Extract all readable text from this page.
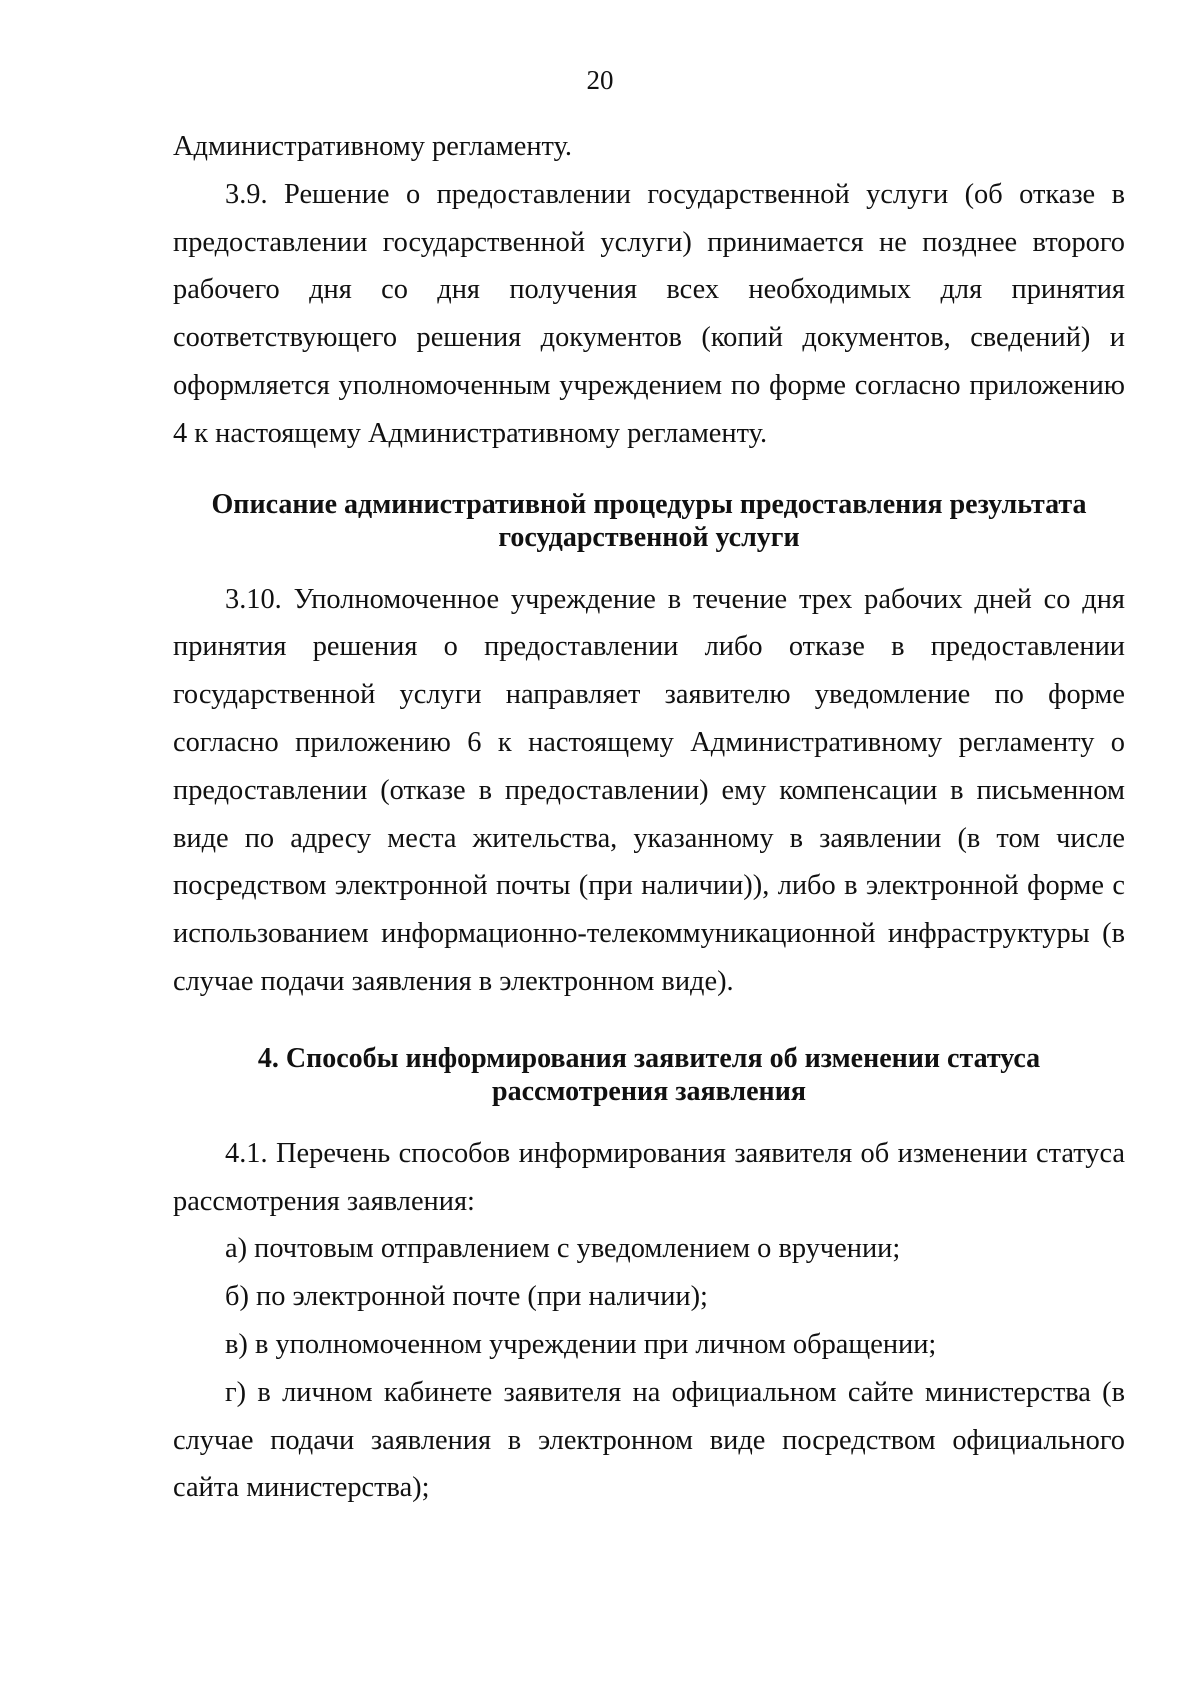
20

Административному регламенту.

3.9. Решение о предоставлении государственной услуги (об отказе в предоставлении государственной услуги) принимается не позднее второго рабочего дня со дня получения всех необходимых для принятия соответствующего решения документов (копий документов, сведений) и оформляется уполномоченным учреждением по форме согласно приложению 4 к настоящему Административному регламенту.

Описание административной процедуры предоставления результата
государственной услуги

3.10. Уполномоченное учреждение в течение трех рабочих дней со дня принятия решения о предоставлении либо отказе в предоставлении государственной услуги направляет заявителю уведомление по форме согласно приложению 6 к настоящему Административному регламенту о предоставлении (отказе в предоставлении) ему компенсации в письменном виде по адресу места жительства, указанному в заявлении (в том числе посредством электронной почты (при наличии)), либо в электронной форме с использованием информационно-телекоммуникационной инфраструктуры (в случае подачи заявления в электронном виде).

4. Способы информирования заявителя об изменении статуса
рассмотрения заявления

4.1. Перечень способов информирования заявителя об изменении статуса рассмотрения заявления:

а) почтовым отправлением с уведомлением о вручении;

б) по электронной почте (при наличии);

в) в уполномоченном учреждении при личном обращении;

г) в личном кабинете заявителя на официальном сайте министерства (в случае подачи заявления в электронном виде посредством официального сайта министерства);
